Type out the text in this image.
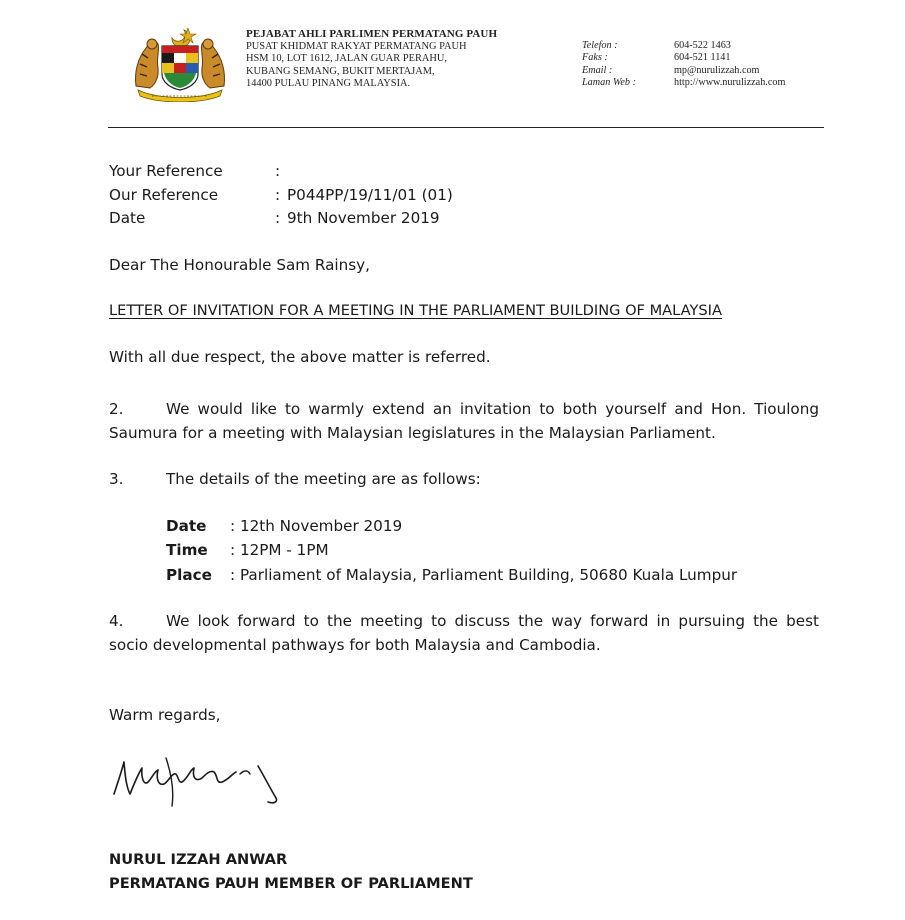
PEJABAT AHLI PARLIMEN PERMATANG PAUH
PUSAT KHIDMAT RAKYAT PERMATANG PAUH
HSM 10, LOT 1612, JALAN GUAR PERAHU,
KUBANG SEMANG, BUKIT MERTAJAM,
14400 PULAU PINANG MALAYSIA.
Telefon :	604-522 1463
Faks :	604-521 1141
Email :	mp@nurulizzah.com
Laman Web :	http://www.nurulizzah.com
Your Reference	:
Our Reference	: P044PP/19/11/01 (01)
Date	: 9th November 2019
Dear The Honourable Sam Rainsy,
LETTER OF INVITATION FOR A MEETING IN THE PARLIAMENT BUILDING OF MALAYSIA
With all due respect, the above matter is referred.
2.	We would like to warmly extend an invitation to both yourself and Hon. Tioulong
Saumura for a meeting with Malaysian legislatures in the Malaysian Parliament.
3.	The details of the meeting are as follows:
Date	: 12th November 2019
Time	: 12PM - 1PM
Place	: Parliament of Malaysia, Parliament Building, 50680 Kuala Lumpur
4.	We look forward to the meeting to discuss the way forward in pursuing the best
socio developmental pathways for both Malaysia and Cambodia.
Warm regards,
NURUL IZZAH ANWAR
PERMATANG PAUH MEMBER OF PARLIAMENT
